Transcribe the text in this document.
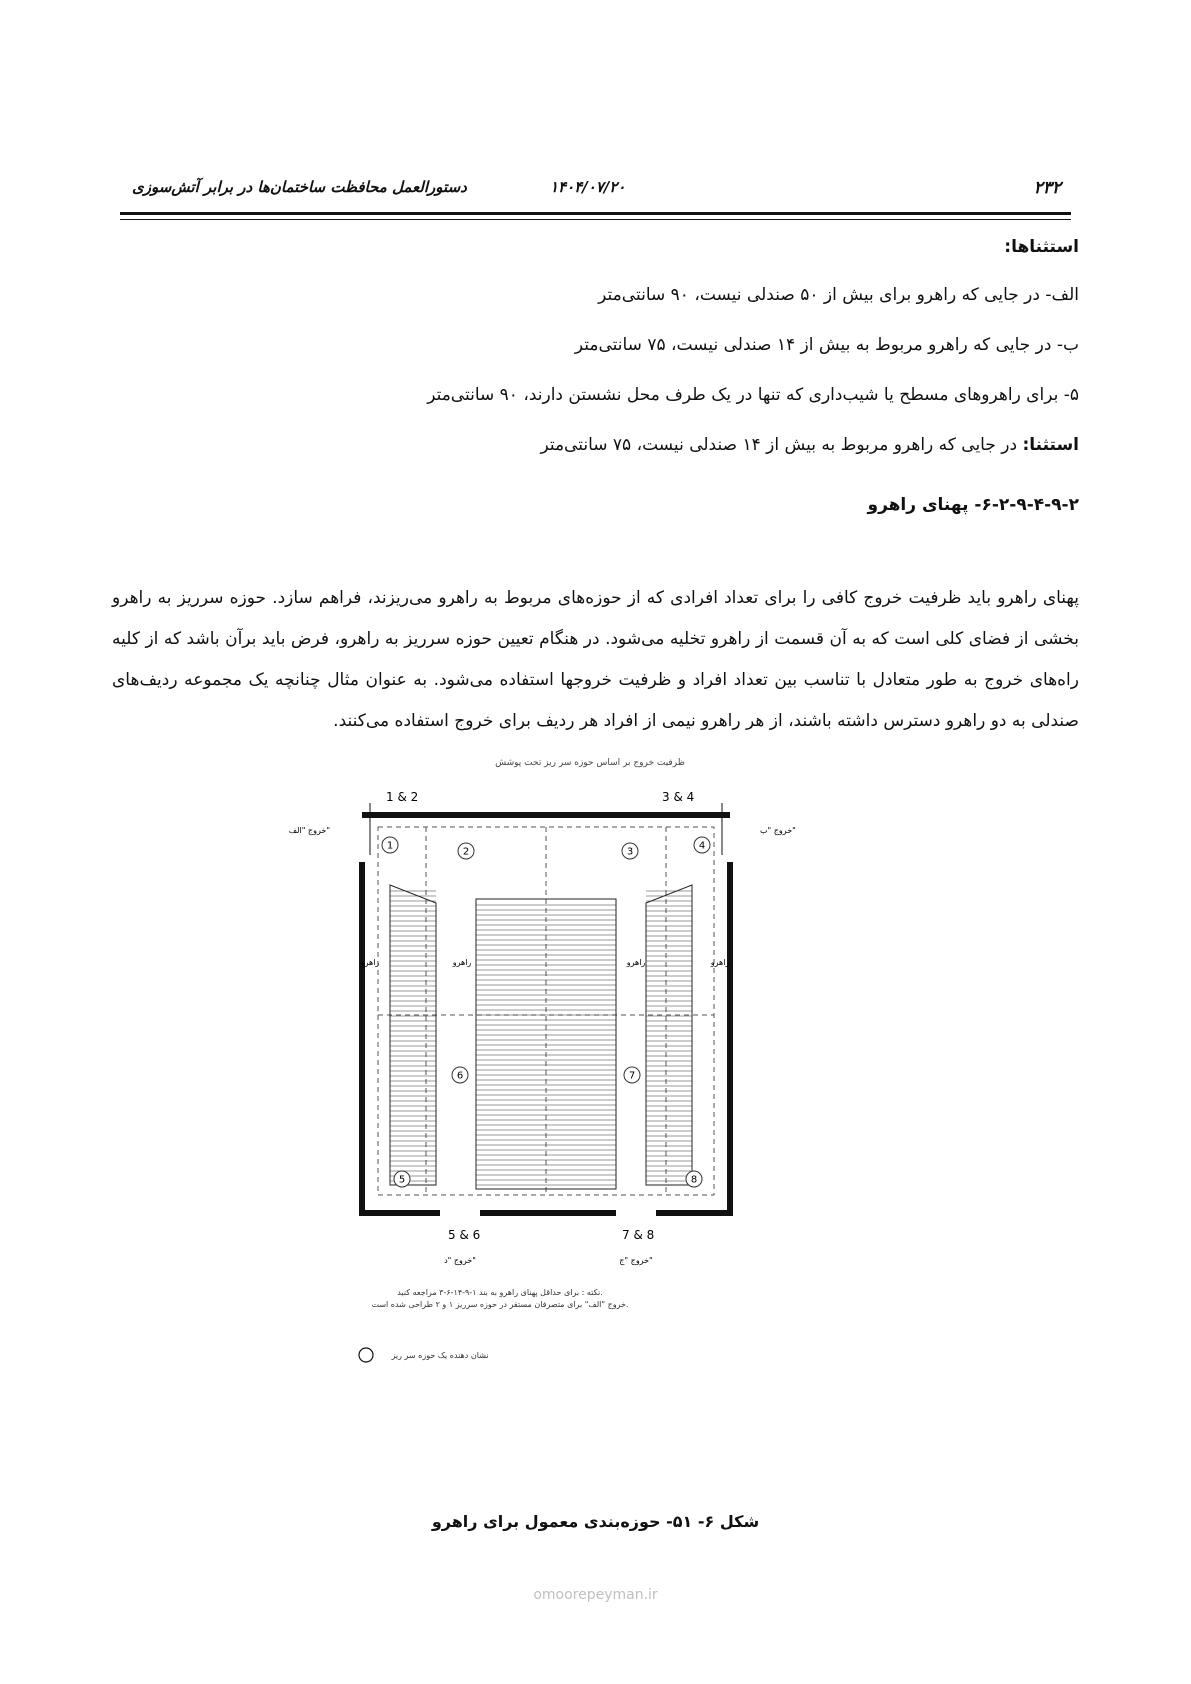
دستورالعمل محافظت ساختمان‌ها در برابر آتش‌سوزی	۱۴۰۴/۰۷/۲۰	۲۳۲
استثناها:
الف- در جایی که راهرو برای بیش از ۵۰ صندلی نیست، ۹۰ سانتی‌متر
ب- در جایی که راهرو مربوط به بیش از ۱۴ صندلی نیست، ۷۵ سانتی‌متر
۵- برای راهروهای مسطح یا شیب‌داری که تنها در یک طرف محل نشستن دارند، ۹۰ سانتی‌متر
استثنا: در جایی که راهرو مربوط به بیش از ۱۴ صندلی نیست، ۷۵ سانتی‌متر
۶-۲-۹-۴-۹-۲- پهنای راهرو
پهنای راهرو باید ظرفیت خروج کافی را برای تعداد افرادی که از حوزه‌های مربوط به راهرو می‌ریزند، فراهم سازد. حوزه سرریز به راهرو بخشی از فضای کلی است که به آن قسمت از راهرو تخلیه می‌شود. در هنگام تعیین حوزه سرریز به راهرو، فرض باید برآن باشد که از کلیه راه‌های خروج به طور متعادل با تناسب بین تعداد افراد و ظرفیت خروجها استفاده می‌شود. به عنوان مثال چنانچه یک مجموعه ردیف‌های صندلی به دو راهرو دسترس داشته باشند، از هر راهرو نیمی از افراد هر ردیف برای خروج استفاده می‌کنند.
ظرفیت خروج بر اساس حوزه سر ریز تحت پوشش
1
2	3
4
5
6	7
8
راهرو	راهرو	راهرو	راهرو
1 & 2	3 & 4
خروج "الف"	خروج "ب"
5 & 6	7 & 8
خروج "د"	خروج "ج"
نکته : برای حداقل پهنای راهرو به بند ۱-۹-۱۴-۶-۳ مراجعه کنید.
خروج "الف" برای متصرفان مستقر در حوزه سرریز ۱ و ۲ طراحی شده است.
نشان دهنده یک حوزه سر ریز
شکل ۶- ۵۱- حوزه‌بندی معمول برای راهرو
omoorepeyman.ir
